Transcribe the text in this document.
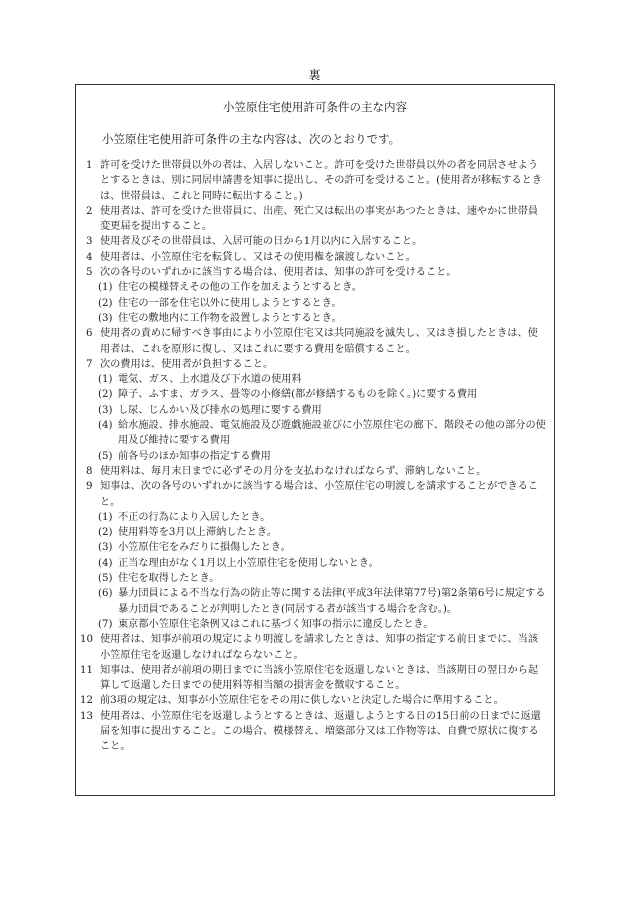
裏
小笠原住宅使用許可条件の主な内容
小笠原住宅使用許可条件の主な内容は、次のとおりです。
1 許可を受けた世帯員以外の者は、入居しないこと。許可を受けた世帯員以外の者を同居させようとするときは、別に同居申請書を知事に提出し、その許可を受けること。(使用者が移転するときは、世帯員は、これと同時に転出すること。)
2 使用者は、許可を受けた世帯員に、出産、死亡又は転出の事実があつたときは、速やかに世帯員変更届を提出すること。
3 使用者及びその世帯員は、入居可能の日から1月以内に入居すること。
4 使用者は、小笠原住宅を転貸し、又はその使用権を譲渡しないこと。
5 次の各号のいずれかに該当する場合は、使用者は、知事の許可を受けること。
(1) 住宅の模様替えその他の工作を加えようとするとき。
(2) 住宅の一部を住宅以外に使用しようとするとき。
(3) 住宅の敷地内に工作物を設置しようとするとき。
6 使用者の責めに帰すべき事由により小笠原住宅又は共同施設を滅失し、又はき損したときは、使用者は、これを原形に復し、又はこれに要する費用を賠償すること。
7 次の費用は、使用者が負担すること。
(1) 電気、ガス、上水道及び下水道の使用料
(2) 障子、ふすま、ガラス、畳等の小修繕(都が修繕するものを除く。)に要する費用
(3) し尿、じんかい及び排水の処理に要する費用
(4) 給水施設、排水施設、電気施設及び遊戯施設並びに小笠原住宅の廊下、階段その他の部分の使用及び維持に要する費用
(5) 前各号のほか知事の指定する費用
8 使用料は、毎月末日までに必ずその月分を支払わなければならず、滞納しないこと。
9 知事は、次の各号のいずれかに該当する場合は、小笠原住宅の明渡しを請求することができること。
(1) 不正の行為により入居したとき。
(2) 使用料等を3月以上滞納したとき。
(3) 小笠原住宅をみだりに損傷したとき。
(4) 正当な理由がなく1月以上小笠原住宅を使用しないとき。
(5) 住宅を取得したとき。
(6) 暴力団員による不当な行為の防止等に関する法律(平成3年法律第77号)第2条第6号に規定する暴力団員であることが判明したとき(同居する者が該当する場合を含む。)。
(7) 東京都小笠原住宅条例又はこれに基づく知事の指示に違反したとき。
10 使用者は、知事が前項の規定により明渡しを請求したときは、知事の指定する前日までに、当該小笠原住宅を返還しなければならないこと。
11 知事は、使用者が前項の期日までに当該小笠原住宅を返還しないときは、当該期日の翌日から起算して返還した日までの使用料等相当額の損害金を徴収すること。
12 前3項の規定は、知事が小笠原住宅をその用に供しないと決定した場合に準用すること。
13 使用者は、小笠原住宅を返還しようとするときは、返還しようとする日の15日前の日までに返還届を知事に提出すること。この場合、模様替え、増築部分又は工作物等は、自費で原状に復すること。
